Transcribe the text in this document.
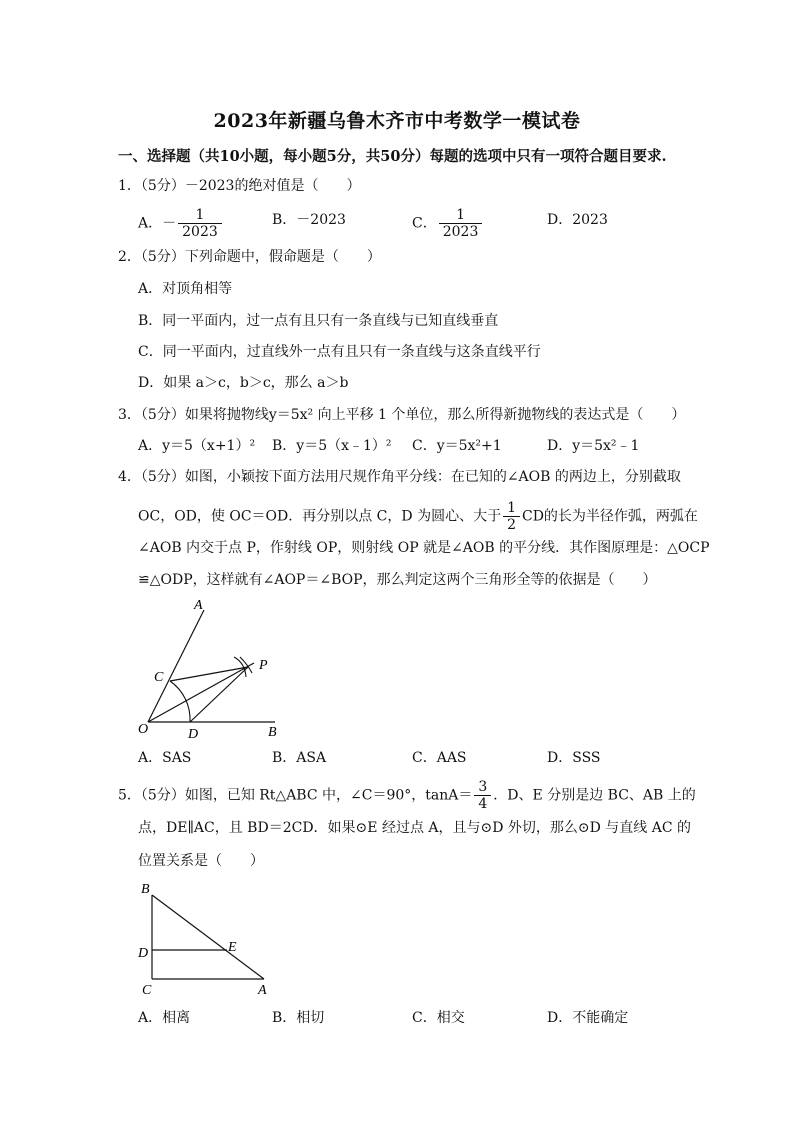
2023年新疆乌鲁木齐市中考数学一模试卷
一、选择题（共10小题，每小题5分，共50分）每题的选项中只有一项符合题目要求.
1．（5分）－2023的绝对值是（　　）
A．－ $\frac{1}{2023}$	B．－2023	C． $\frac{1}{2023}$	D．2023
2．（5分）下列命题中，假命题是（　　）
A．对顶角相等
B．同一平面内，过一点有且只有一条直线与已知直线垂直
C．同一平面内，过直线外一点有且只有一条直线与这条直线平行
D．如果 a＞c，b＞c，那么 a＞b
3．（5分）如果将抛物线y＝5x² 向上平移 1 个单位，那么所得新抛物线的表达式是（　　）
A．y＝5（x+1）² B．y＝5（x﹣1）² C．y＝5x²+1	D．y＝5x²﹣1
4．（5分）如图，小颖按下面方法用尺规作角平分线：在已知的∠AOB 的两边上，分别截取
OC，OD，使 OC＝OD．再分别以点 C，D 为圆心、大于 $\frac{1}{2}$ CD的长为半径作弧，两弧在
∠AOB 内交于点 P，作射线 OP，则射线 OP 就是∠AOB 的平分线．其作图原理是：△OCP
≌△ODP，这样就有∠AOP＝∠BOP，那么判定这两个三角形全等的依据是（　　）
A
C
P
O	D	B
A．SAS	B．ASA	C．AAS	D．SSS
5．（5分）如图，已知 Rt△ABC 中，∠C＝90°，$\tan A= \frac{3}{4}$ ．D、E 分别是边 BC、AB 上的
点，DE∥AC，且 BD＝2CD．如果⊙E 经过点 A，且与⊙D 外切，那么⊙D 与直线 AC 的
位置关系是（　　）
B
D	E
C	A
A．相离	B．相切	C．相交	D．不能确定
